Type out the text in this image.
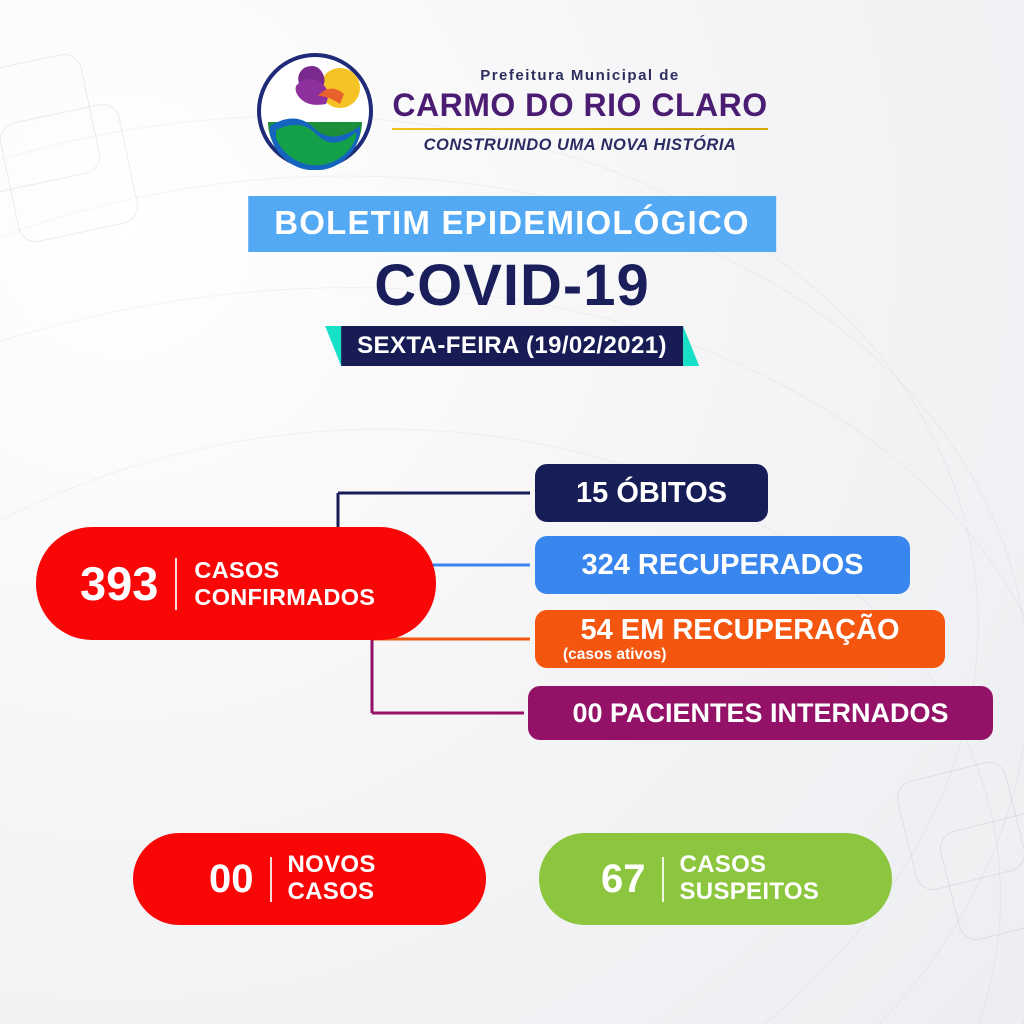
Prefeitura Municipal de
CARMO DO RIO CLARO
CONSTRUINDO UMA NOVA HISTÓRIA
BOLETIM EPIDEMIOLÓGICO
COVID-19
SEXTA-FEIRA (19/02/2021)
393 CASOS
CONFIRMADOS
15 ÓBITOS
324 RECUPERADOS
54 EM RECUPERAÇÃO
(casos ativos)
00 PACIENTES INTERNADOS
00 NOVOS
CASOS	67 CASOS
SUSPEITOS
